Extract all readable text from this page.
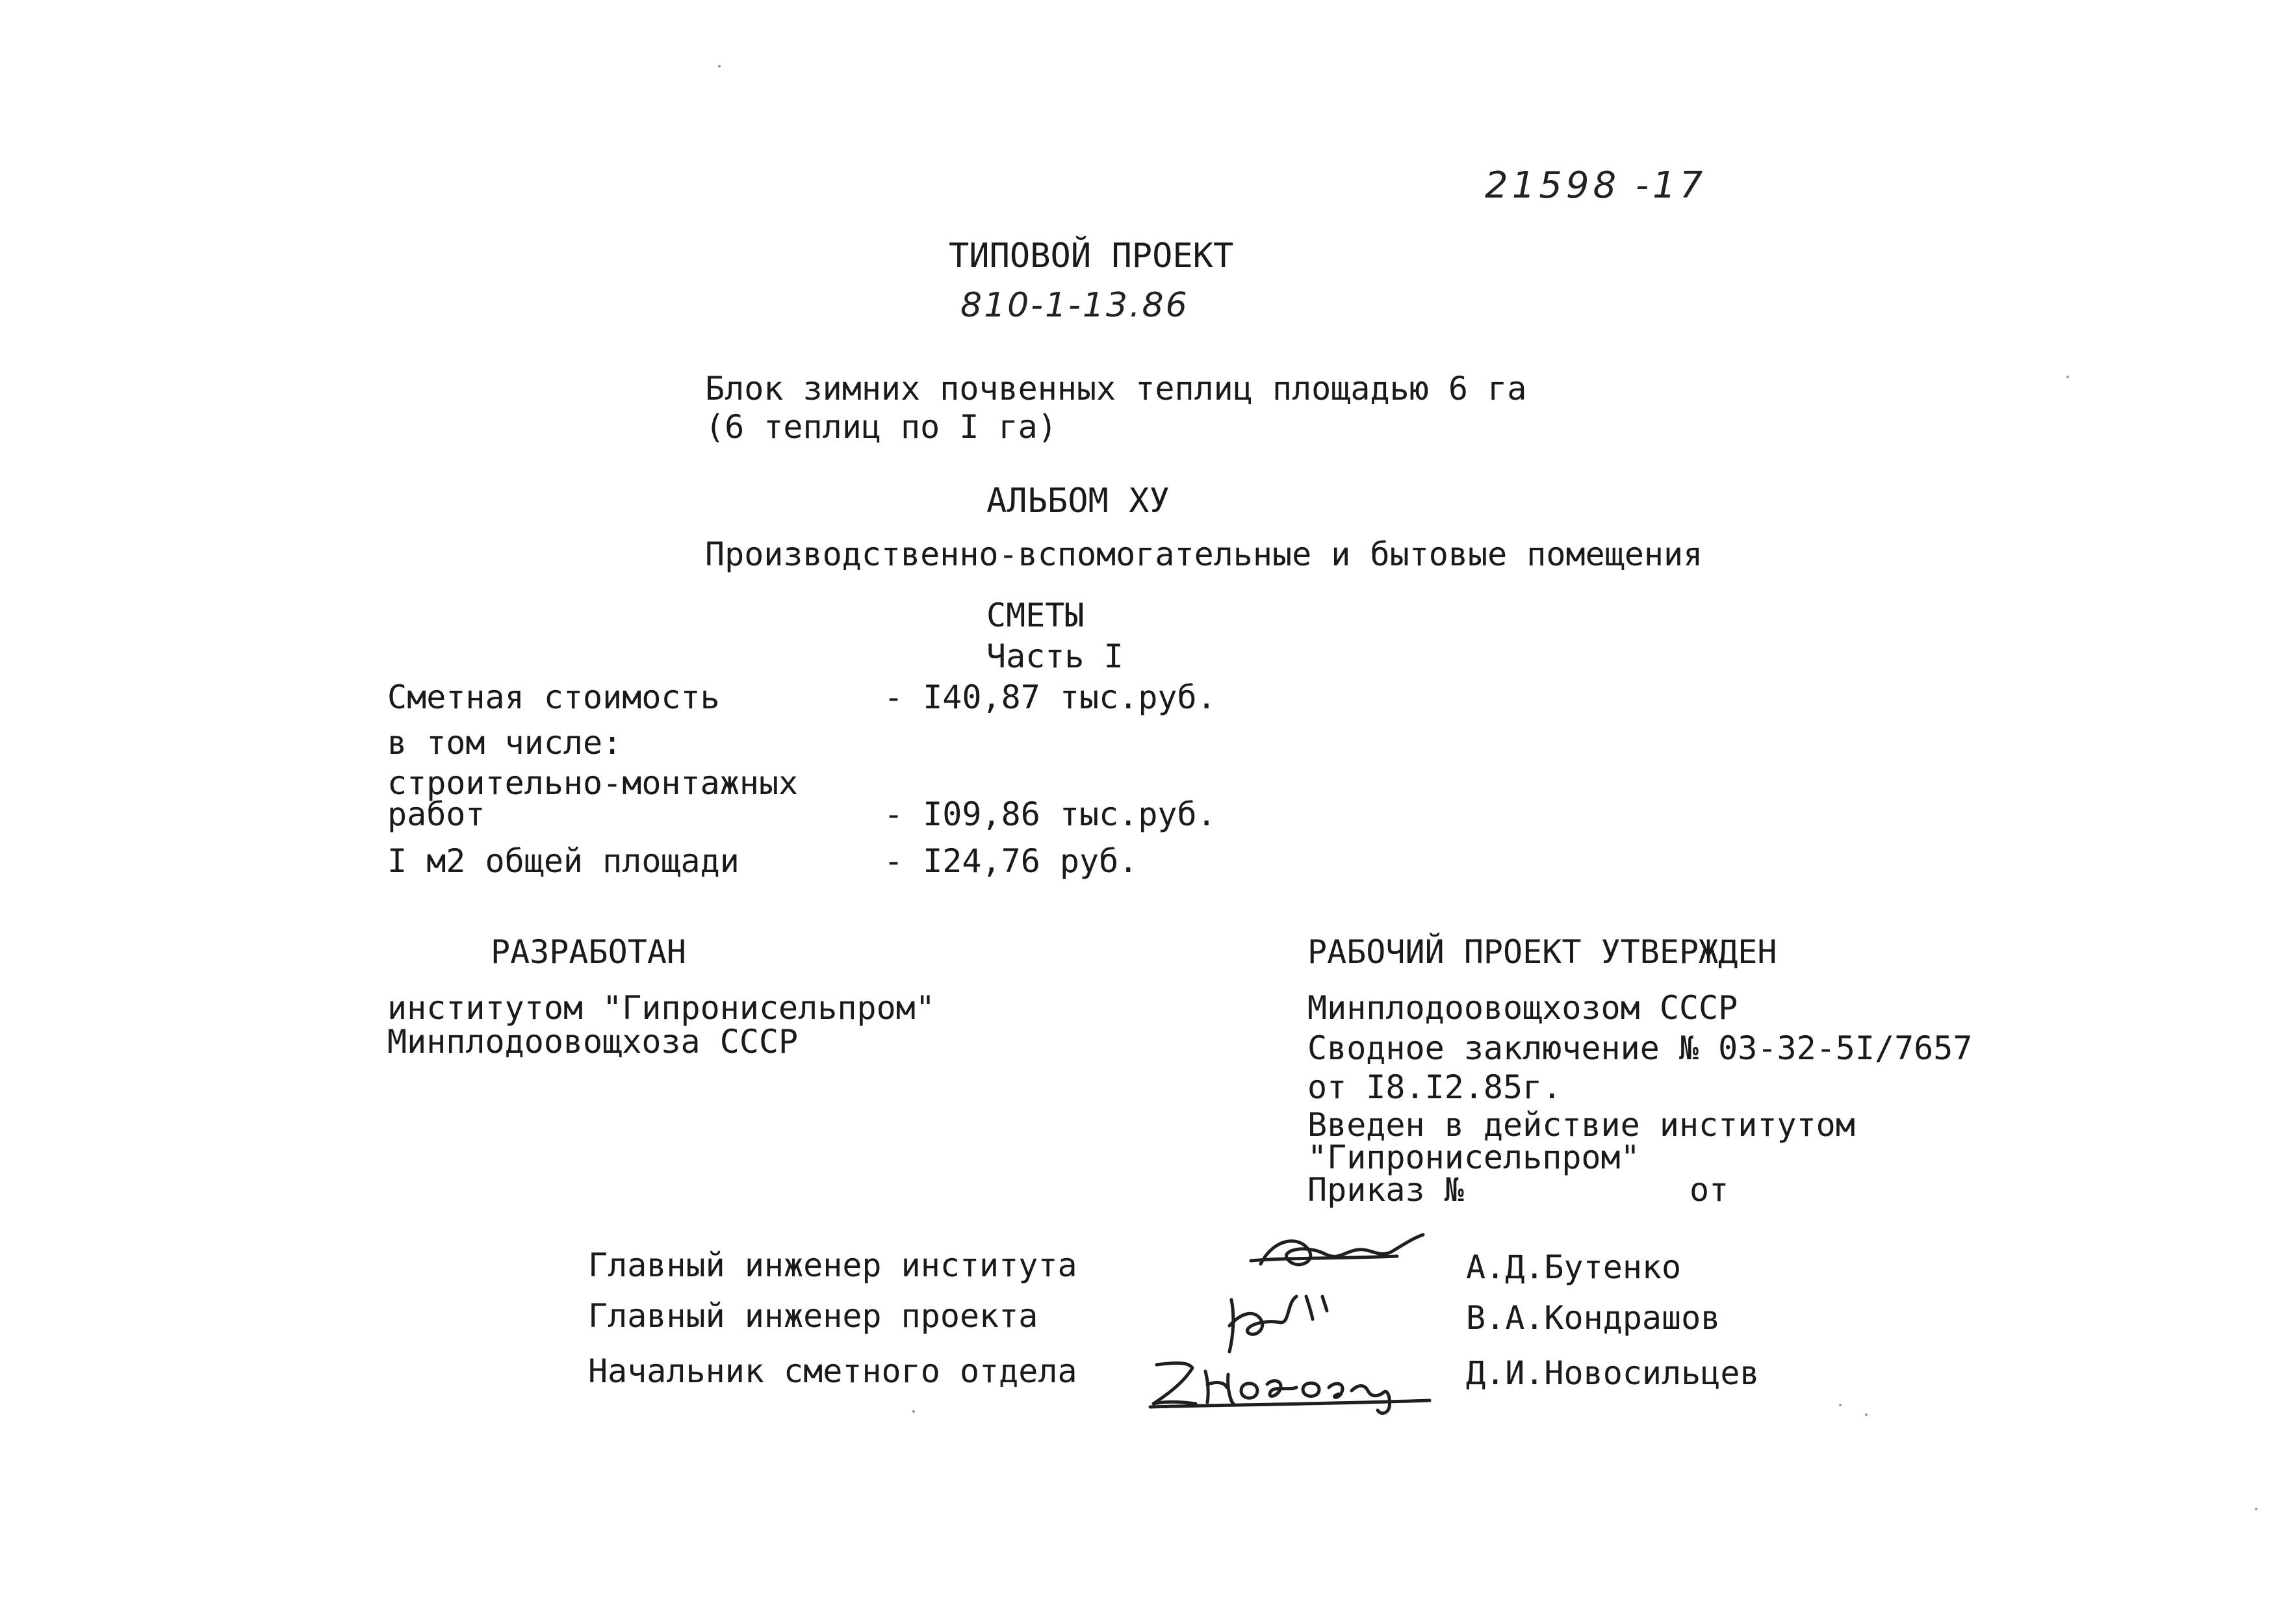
21598 -17
ТИПОВОЙ ПРОЕКТ
810-1-13.86
Блок зимних почвенных теплиц площадью 6 га
(6 теплиц по I га)
АЛЬБОМ ХУ
Производственно-вспомогательные и бытовые помещения
СМЕТЫ
Часть I
Сметная стоимость	- I40,87 тыс.руб.
в том числе:
строительно-монтажных
работ	- I09,86 тыс.руб.
I м2 общей площади	- I24,76 руб.
РАЗРАБОТАН
институтом "Гипронисельпром"
Минплодоовощхоза СССР
РАБОЧИЙ ПРОЕКТ УТВЕРЖДЕН
Минплодоовощхозом СССР
Сводное заключение № 03-32-5I/7657
от I8.I2.85г.
Введен в действие институтом
"Гипронисельпром"
Приказ №	от
Главный инженер института	А.Д.Бутенко
Главный инженер проекта	В.А.Кондрашов
Начальник сметного отдела	Д.И.Новосильцев
